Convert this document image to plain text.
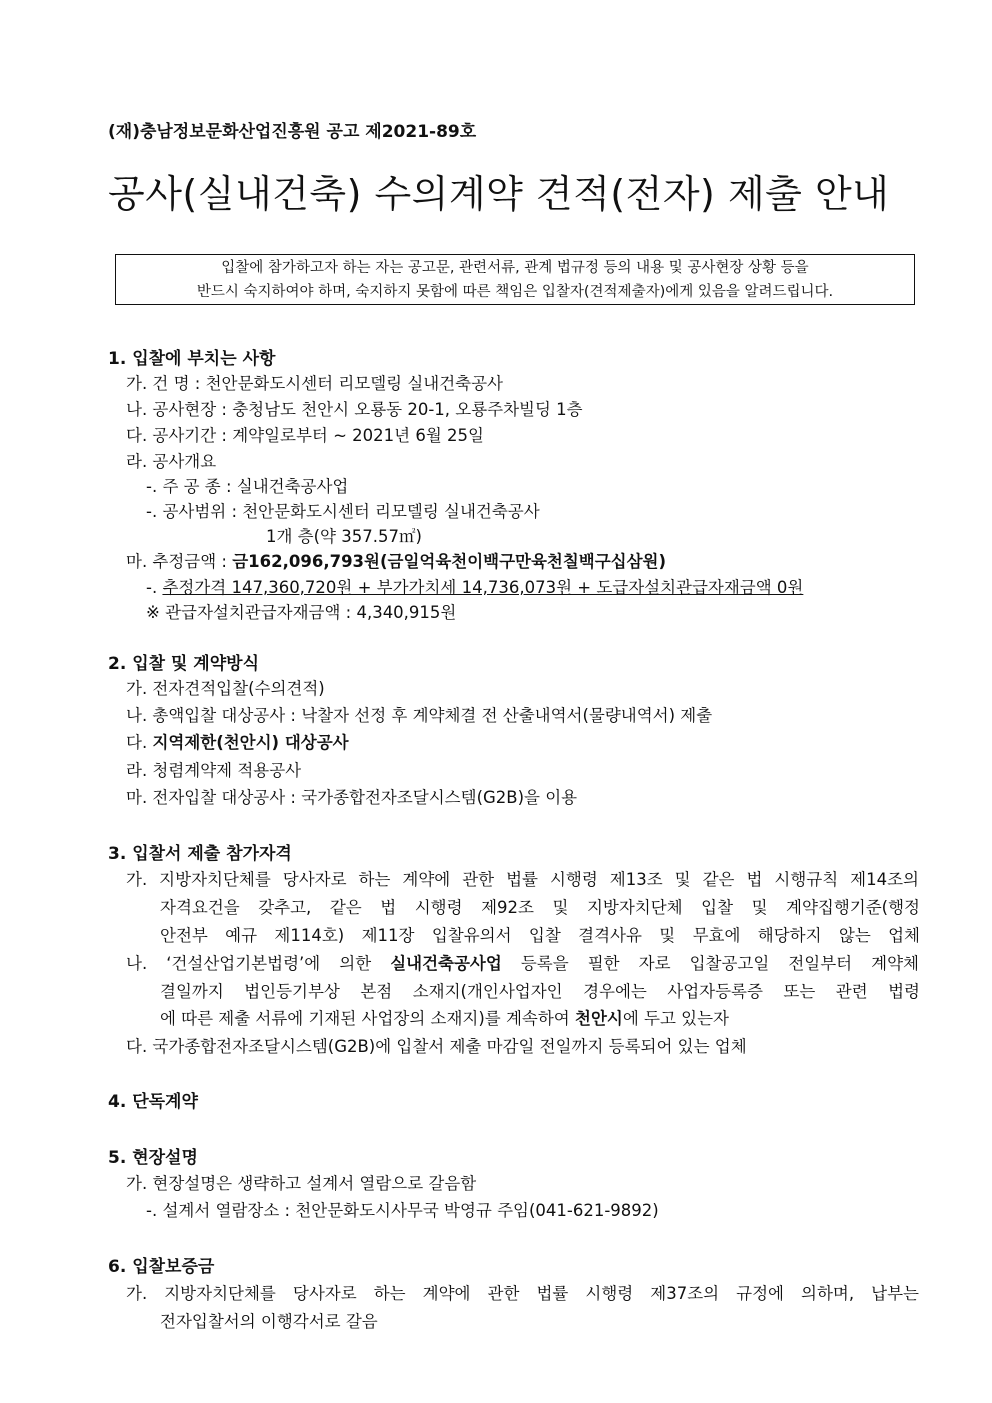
(재)충남정보문화산업진흥원 공고 제2021-89호
공사(실내건축) 수의계약 견적(전자) 제출 안내
입찰에 참가하고자 하는 자는 공고문, 관련서류, 관계 법규정 등의 내용 및 공사현장 상황 등을
반드시 숙지하여야 하며, 숙지하지 못함에 따른 책임은 입찰자(견적제출자)에게 있음을 알려드립니다.
1. 입찰에 부치는 사항
가. 건 명 : 천안문화도시센터 리모델링 실내건축공사
나. 공사현장 : 충청남도 천안시 오룡동 20-1, 오룡주차빌딩 1층
다. 공사기간 : 계약일로부터 ~ 2021년 6월 25일
라. 공사개요
-. 주 공 종 : 실내건축공사업
-. 공사범위 : 천안문화도시센터 리모델링 실내건축공사
1개 층(약 357.57㎡)
마. 추정금액 : 금162,096,793원(금일억육천이백구만육천칠백구십삼원)
-. 추정가격 147,360,720원 + 부가가치세 14,736,073원 + 도급자설치관급자재금액 0원
※ 관급자설치관급자재금액 : 4,340,915원
2. 입찰 및 계약방식
가. 전자견적입찰(수의견적)
나. 총액입찰 대상공사 : 낙찰자 선정 후 계약체결 전 산출내역서(물량내역서) 제출
다. 지역제한(천안시) 대상공사
라. 청렴계약제 적용공사
마. 전자입찰 대상공사 : 국가종합전자조달시스템(G2B)을 이용
3. 입찰서 제출 참가자격
가. 지방자치단체를 당사자로 하는 계약에 관한 법률 시행령 제13조 및 같은 법 시행규칙 제14조의
자격요건을 갖추고, 같은 법 시행령 제92조 및 지방자치단체 입찰 및 계약집행기준(행정
안전부 예규 제114호) 제11장 입찰유의서 입찰 결격사유 및 무효에 해당하지 않는 업체
나. ‘건설산업기본법령’에 의한 실내건축공사업 등록을 필한 자로 입찰공고일 전일부터 계약체
결일까지 법인등기부상 본점 소재지(개인사업자인 경우에는 사업자등록증 또는 관련 법령
에 따른 제출 서류에 기재된 사업장의 소재지)를 계속하여 천안시에 두고 있는자
다. 국가종합전자조달시스템(G2B)에 입찰서 제출 마감일 전일까지 등록되어 있는 업체
4. 단독계약
5. 현장설명
가. 현장설명은 생략하고 설계서 열람으로 갈음함
-. 설계서 열람장소 : 천안문화도시사무국 박영규 주임(041-621-9892)
6. 입찰보증금
가. 지방자치단체를 당사자로 하는 계약에 관한 법률 시행령 제37조의 규정에 의하며, 납부는
전자입찰서의 이행각서로 갈음
